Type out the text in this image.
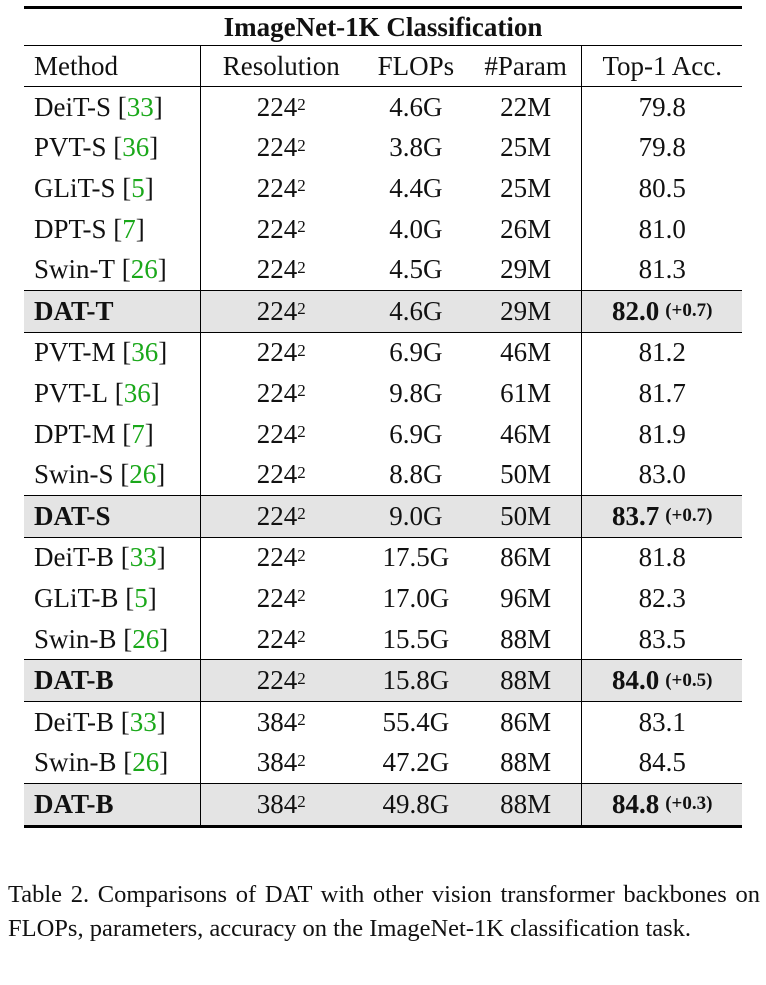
ImageNet-1K Classification
Method	Resolution	FLOPs	#Param	Top-1 Acc.
DeiT-S [ 33 ]	$224^2$	4.6G	22M	79.8
PVT-S [ 36 ]	$224^2$	3.8G	25M	79.8
GLiT-S [ 5 ]	$224^2$	4.4G	25M	80.5
DPT-S [ 7 ]	$224^2$	4.0G	26M	81.0
Swin-T [ 26 ]	$224^2$	4.5G	29M	81.3
DAT-T	$224^2$	4.6G	29M	82.0 (+0.7)
PVT-M [ 36 ]	$224^2$	6.9G	46M	81.2
PVT-L [ 36 ]	$224^2$	9.8G	61M	81.7
DPT-M [ 7 ]	$224^2$	6.9G	46M	81.9
Swin-S [ 26 ]	$224^2$	8.8G	50M	83.0
DAT-S	$224^2$	9.0G	50M	83.7 (+0.7)
DeiT-B [ 33 ]	$224^2$	17.5G	86M	81.8
GLiT-B [ 5 ]	$224^2$	17.0G	96M	82.3
Swin-B [ 26 ]	$224^2$	15.5G	88M	83.5
DAT-B	$224^2$	15.8G	88M	84.0 (+0.5)
DeiT-B [ 33 ]	$384^2$	55.4G	86M	83.1
Swin-B [ 26 ]	$384^2$	47.2G	88M	84.5
DAT-B	$384^2$	49.8G	88M	84.8 (+0.3)
Table 2. Comparisons of DAT with other vision transformer backbones on FLOPs, parameters, accuracy on the ImageNet-1K classification task.
